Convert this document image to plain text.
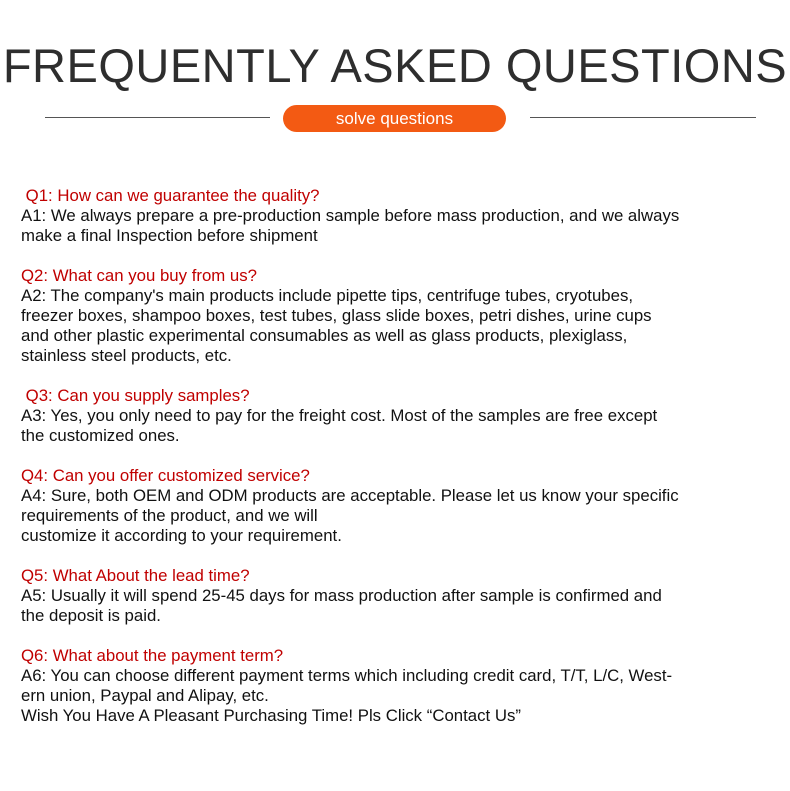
FREQUENTLY ASKED QUESTIONS
solve questions
Q1: How can we guarantee the quality?
A1: We always prepare a pre-production sample before mass production, and we always
make a final Inspection before shipment
Q2: What can you buy from us?
A2: The company's main products include pipette tips, centrifuge tubes, cryotubes,
freezer boxes, shampoo boxes, test tubes, glass slide boxes, petri dishes, urine cups
and other plastic experimental consumables as well as glass products, plexiglass,
stainless steel products, etc.
Q3: Can you supply samples?
A3: Yes, you only need to pay for the freight cost. Most of the samples are free except
the customized ones.
Q4: Can you offer customized service?
A4: Sure, both OEM and ODM products are acceptable. Please let us know your specific
requirements of the product, and we will
customize it according to your requirement.
Q5: What About the lead time?
A5: Usually it will spend 25-45 days for mass production after sample is confirmed and
the deposit is paid.
Q6: What about the payment term?
A6: You can choose different payment terms which including credit card, T/T, L/C, West-
ern union, Paypal and Alipay, etc.
Wish You Have A Pleasant Purchasing Time! Pls Click “Contact Us”
